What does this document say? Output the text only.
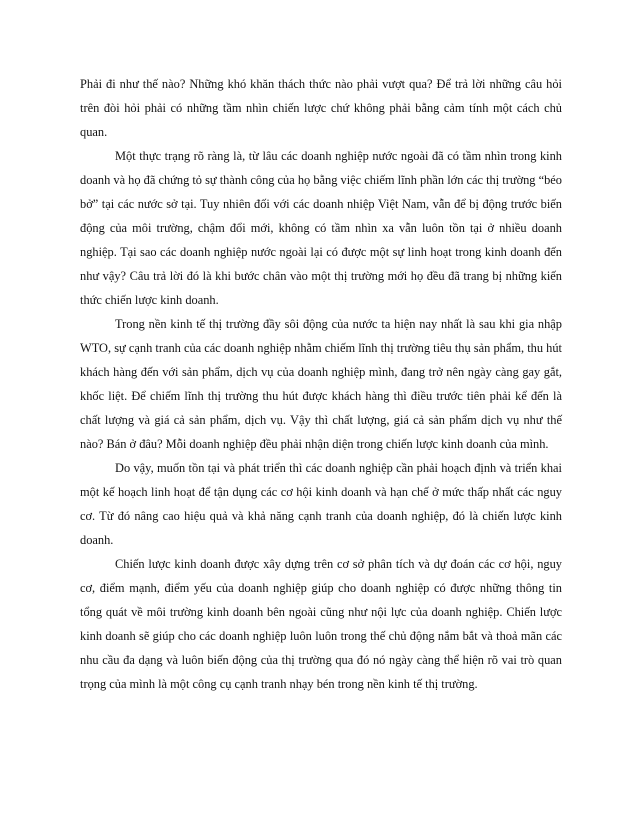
Phải đi như thế nào? Những khó khăn thách thức nào phải vượt qua? Để trả lời những câu hỏi trên đòi hỏi phải có những tầm nhìn chiến lược chứ không phải bằng cảm tính một cách chủ quan.

Một thực trạng rõ ràng là, từ lâu các doanh nghiệp nước ngoài đã có tầm nhìn trong kinh doanh và họ đã chứng tỏ sự thành công của họ bằng việc chiếm lĩnh phần lớn các thị trường “béo bở” tại các nước sở tại. Tuy nhiên đối với các doanh nhiệp Việt Nam, vẫn để bị động trước biến động của môi trường, chậm đổi mới, không có tầm nhìn xa vẫn luôn tồn tại ở nhiều doanh nghiệp. Tại sao các doanh nghiệp nước ngoài lại có được một sự linh hoạt trong kinh doanh đến như vậy? Câu trả lời đó là khi bước chân vào một thị trường mới họ đều đã trang bị những kiến thức chiến lược kinh doanh.

Trong nền kinh tế thị trường đầy sôi động của nước ta hiện nay nhất là sau khi gia nhập WTO, sự cạnh tranh của các doanh nghiệp nhằm chiếm lĩnh thị trường tiêu thụ sản phẩm, thu hút khách hàng đến với sản phẩm, dịch vụ của doanh nghiệp mình, đang trở nên ngày càng gay gắt, khốc liệt. Để chiếm lĩnh thị trường thu hút được khách hàng thì điều trước tiên phải kể đến là chất lượng và giá cả sản phẩm, dịch vụ. Vậy thì chất lượng, giá cả sản phẩm dịch vụ như thế nào? Bán ở đâu? Mỗi doanh nghiệp đều phải nhận diện trong chiến lược kinh doanh của mình.

Do vậy, muốn tồn tại và phát triển thì các doanh nghiệp cần phải hoạch định và triển khai một kế hoạch linh hoạt để tận dụng các cơ hội kinh doanh và hạn chế ở mức thấp nhất các nguy cơ. Từ đó nâng cao hiệu quả và khả năng cạnh tranh của doanh nghiệp, đó là chiến lược kinh doanh.

Chiến lược kinh doanh được xây dựng trên cơ sở phân tích và dự đoán các cơ hội, nguy cơ, điểm mạnh, điểm yếu của doanh nghiệp giúp cho doanh nghiệp có được những thông tin tổng quát về môi trường kinh doanh bên ngoài cũng như nội lực của doanh nghiệp. Chiến lược kinh doanh sẽ giúp cho các doanh nghiệp luôn luôn trong thế chủ động nắm bắt và thoả mãn các nhu cầu đa dạng và luôn biến động của thị trường qua đó nó ngày càng thể hiện rõ vai trò quan trọng của mình là một công cụ cạnh tranh nhạy bén trong nền kinh tế thị trường.
